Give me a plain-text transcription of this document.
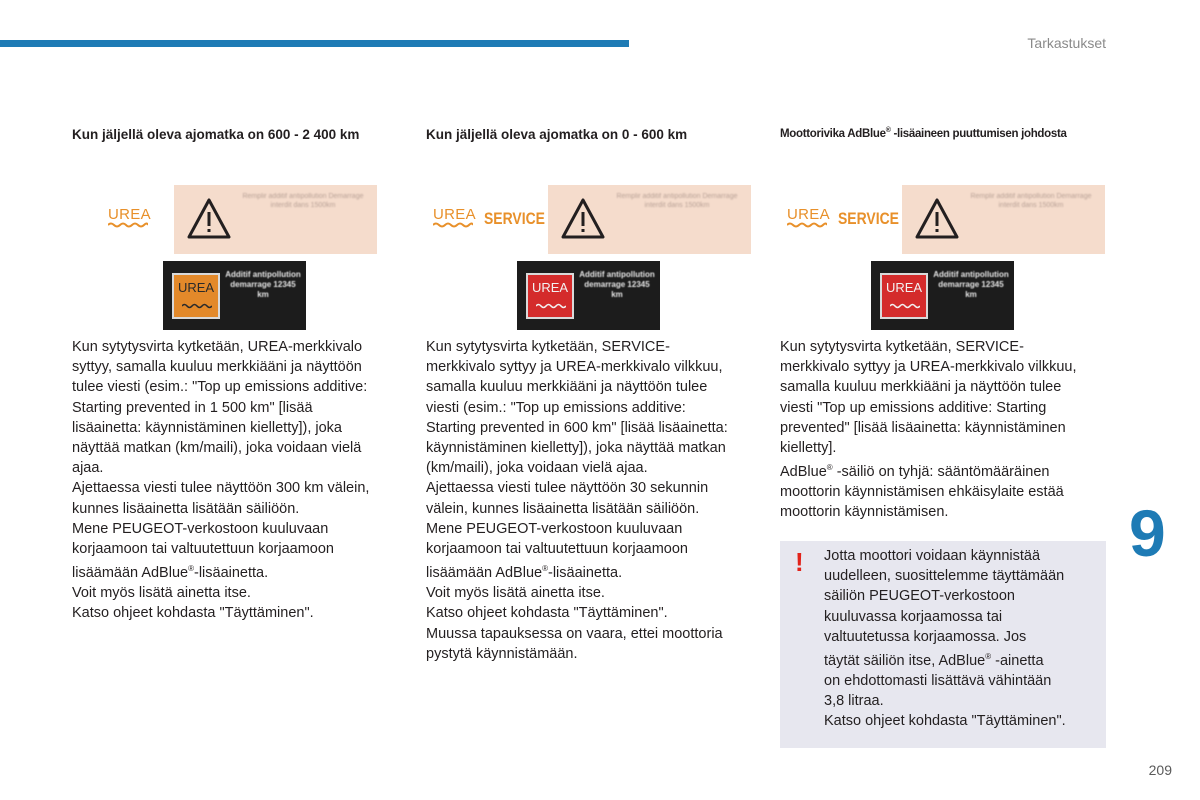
Tarkastukset
Kun jäljellä oleva ajomatka on 600 - 2 400 km
UREA
Remplir additif antipollution Demarrage interdit dans 1500km
UREA
Additif antipollution demarrage 12345 km
Kun sytytysvirta kytketään, UREA-merkkivalo
syttyy, samalla kuuluu merkkiääni ja näyttöön
tulee viesti (esim.: "Top up emissions additive:
Starting prevented in 1 500 km" [lisää
lisäainetta: käynnistäminen kielletty]), joka
näyttää matkan (km/maili), joka voidaan vielä
ajaa.
Ajettaessa viesti tulee näyttöön 300 km välein,
kunnes lisäainetta lisätään säiliöön.
Mene PEUGEOT-verkostoon kuuluvaan
korjaamoon tai valtuutettuun korjaamoon
lisäämään AdBlue®-lisäainetta.
Voit myös lisätä ainetta itse.
Katso ohjeet kohdasta "Täyttäminen".
Kun jäljellä oleva ajomatka on 0 - 600 km
UREA SERVICE
Remplir additif antipollution Demarrage interdit dans 1500km
UREA
Additif antipollution demarrage 12345 km
Kun sytytysvirta kytketään, SERVICE-
merkkivalo syttyy ja UREA-merkkivalo vilkkuu,
samalla kuuluu merkkiääni ja näyttöön tulee
viesti (esim.: "Top up emissions additive:
Starting prevented in 600 km" [lisää lisäainetta:
käynnistäminen kielletty]), joka näyttää matkan
(km/maili), joka voidaan vielä ajaa.
Ajettaessa viesti tulee näyttöön 30 sekunnin
välein, kunnes lisäainetta lisätään säiliöön.
Mene PEUGEOT-verkostoon kuuluvaan
korjaamoon tai valtuutettuun korjaamoon
lisäämään AdBlue®-lisäainetta.
Voit myös lisätä ainetta itse.
Katso ohjeet kohdasta "Täyttäminen".
Muussa tapauksessa on vaara, ettei moottoria
pystytä käynnistämään.
Moottorivika AdBlue® -lisäaineen puuttumisen johdosta
UREA SERVICE
Remplir additif antipollution Demarrage interdit dans 1500km
UREA
Additif antipollution demarrage 12345 km
Kun sytytysvirta kytketään, SERVICE-
merkkivalo syttyy ja UREA-merkkivalo vilkkuu,
samalla kuuluu merkkiääni ja näyttöön tulee
viesti "Top up emissions additive: Starting
prevented" [lisää lisäainetta: käynnistäminen
kielletty].
AdBlue® -säiliö on tyhjä: sääntömääräinen
moottorin käynnistämisen ehkäisylaite estää
moottorin käynnistämisen.
! Jotta moottori voidaan käynnistää
uudelleen, suosittelemme täyttämään
säiliön PEUGEOT-verkostoon
kuuluvassa korjaamossa tai
valtuutetussa korjaamossa. Jos
täytät säiliön itse, AdBlue® -ainetta
on ehdottomasti lisättävä vähintään
3,8 litraa.
Katso ohjeet kohdasta "Täyttäminen".
9
209
